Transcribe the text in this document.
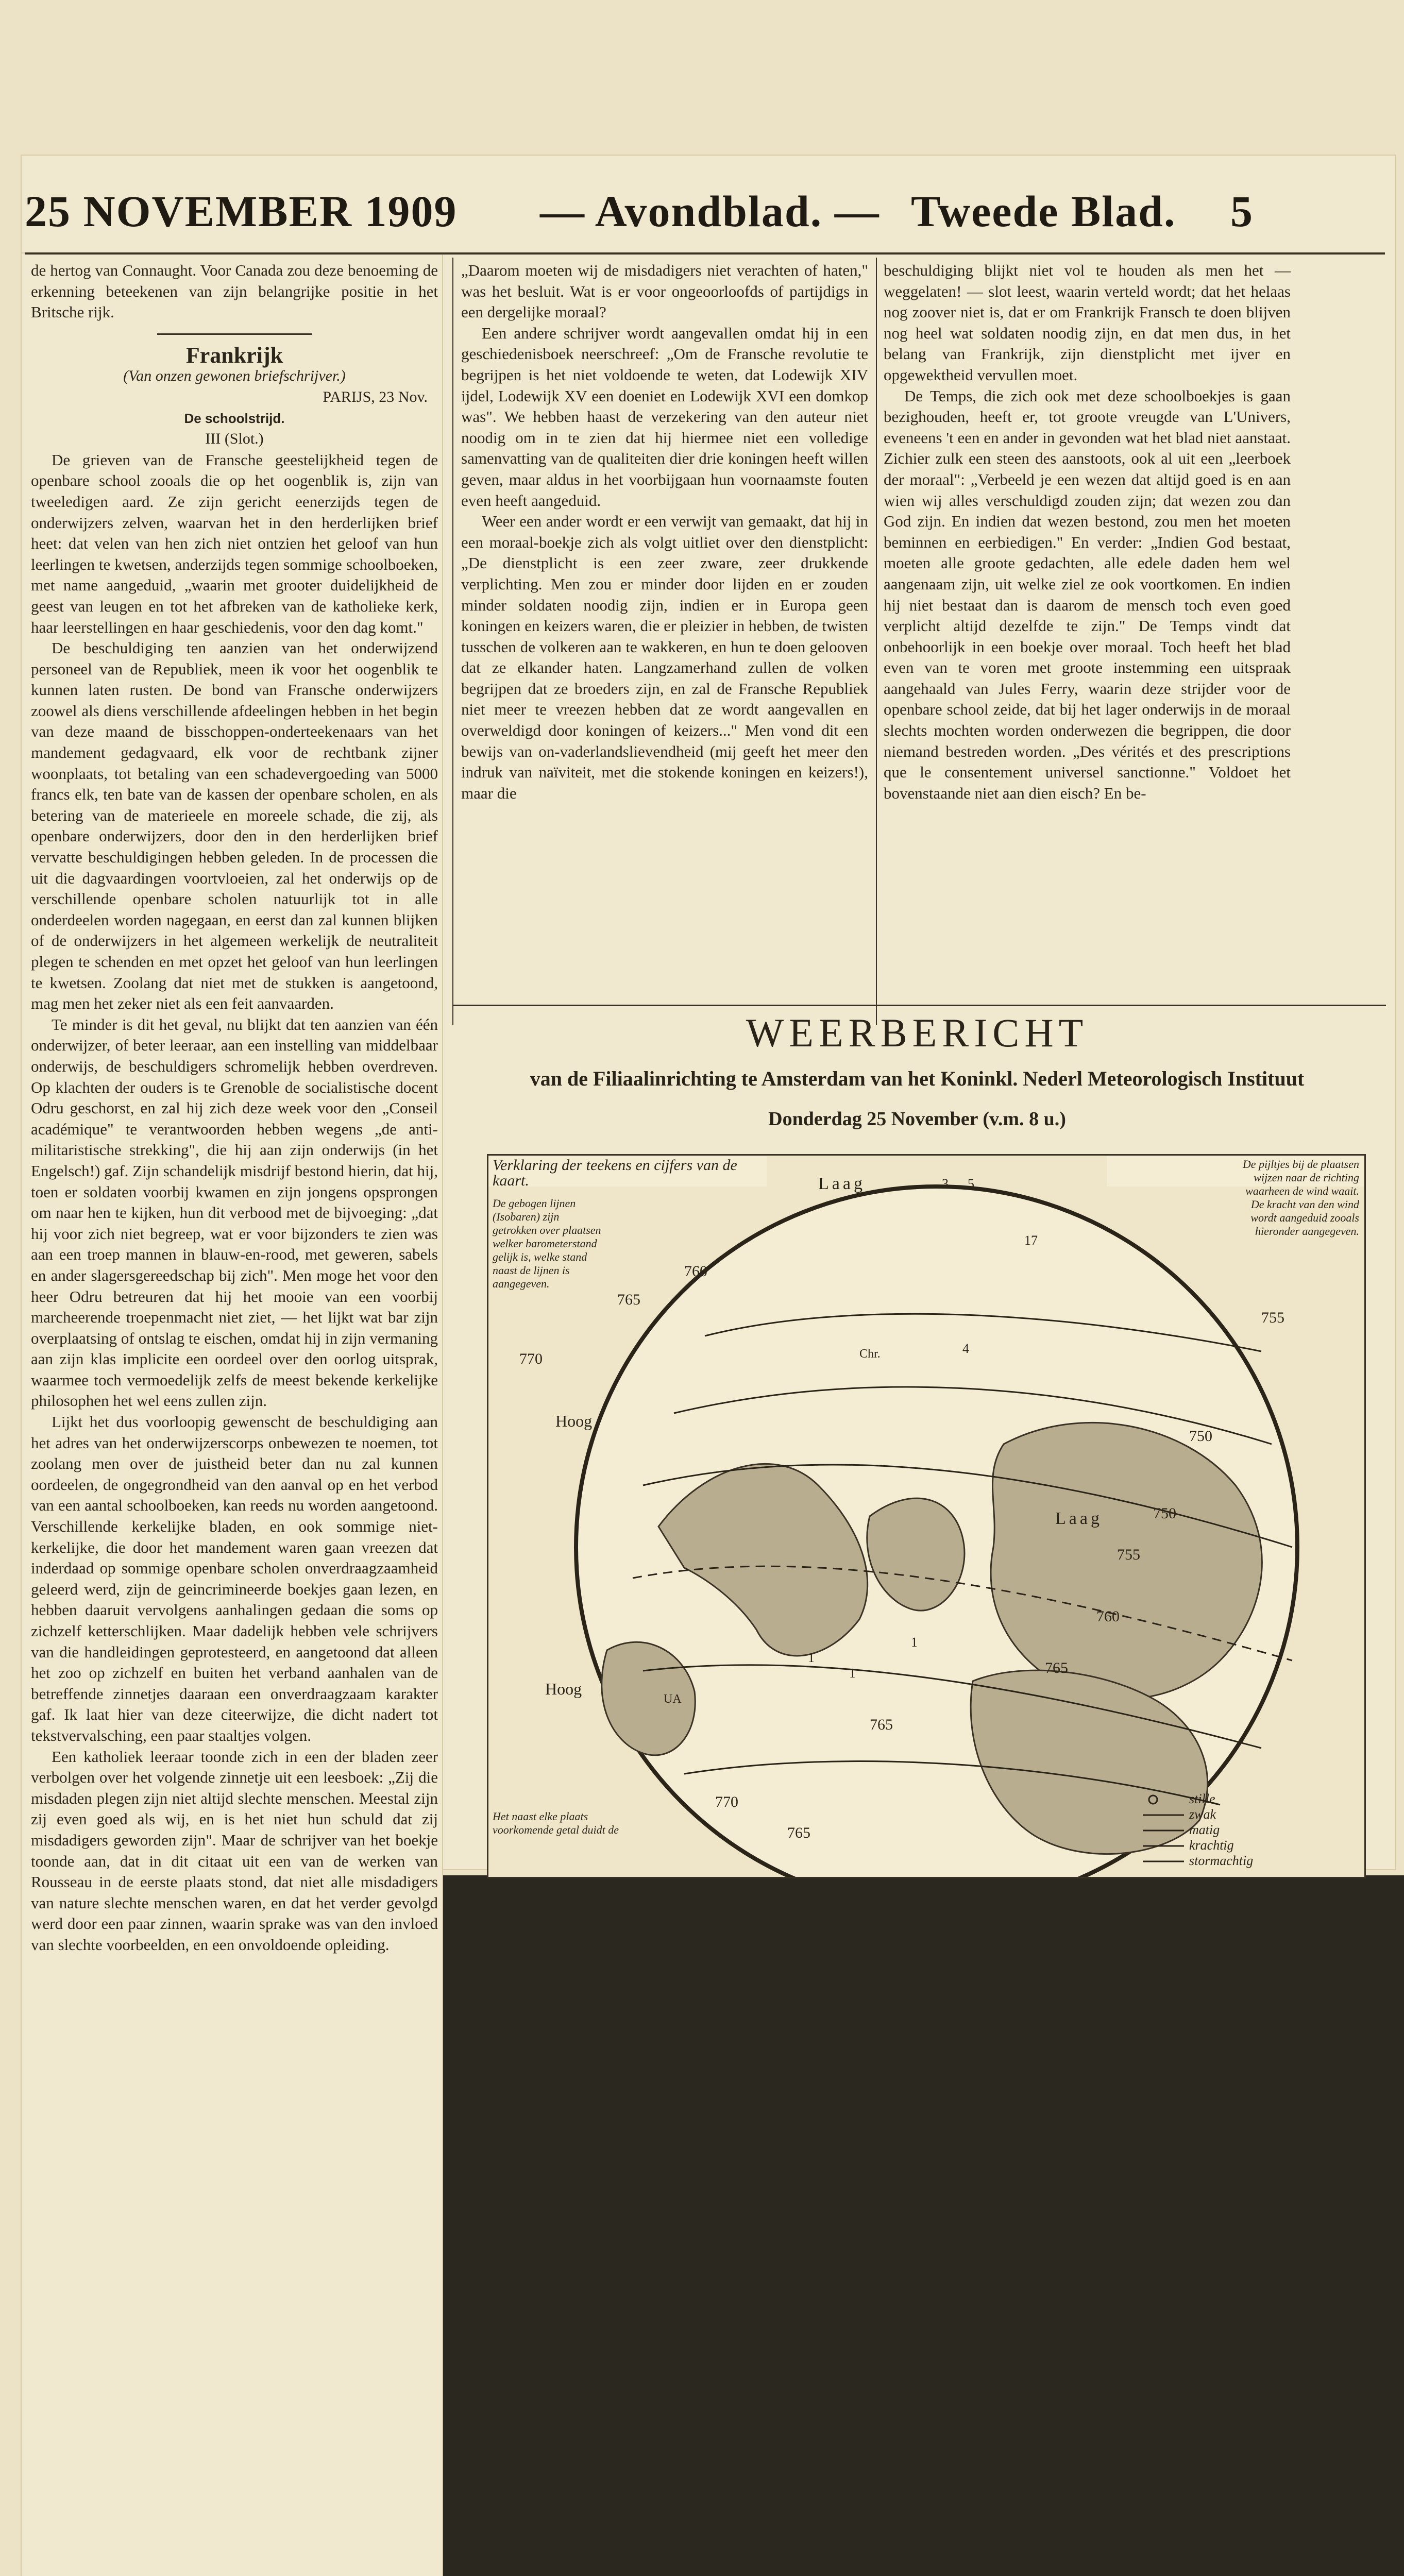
25 NOVEMBER 1909 — Avondblad. — Tweede Blad. 5

de hertog van Connaught. Voor Canada zou deze benoeming de erkenning beteekenen van zijn belangrijke positie in het Britsche rijk.

Frankrijk

(Van onzen gewonen briefschrijver.)

PARIJS, 23 Nov.

De schoolstrijd.

III (Slot.)

De grieven van de Fransche geestelijkheid tegen de openbare school zooals die op het oogenblik is, zijn van tweeledigen aard. Ze zijn gericht eenerzijds tegen de onderwijzers zelven, waarvan het in den herderlijken brief heet: dat velen van hen zich niet ontzien het geloof van hun leerlingen te kwetsen, anderzijds tegen sommige schoolboeken, met name aangeduid, „waarin met grooter duidelijkheid de geest van leugen en tot het afbreken van de katholieke kerk, haar leerstellingen en haar geschiedenis, voor den dag komt."

De beschuldiging ten aanzien van het onderwijzend personeel van de Republiek, meen ik voor het oogenblik te kunnen laten rusten. De bond van Fransche onderwijzers zoowel als diens verschillende afdeelingen hebben in het begin van deze maand de bisschoppen-onderteekenaars van het mandement gedagvaard, elk voor de rechtbank zijner woonplaats, tot betaling van een schadevergoeding van 5000 francs elk, ten bate van de kassen der openbare scholen, en als betering van de materieele en moreele schade, die zij, als openbare onderwijzers, door den in den herderlijken brief vervatte beschuldigingen hebben geleden. In de processen die uit die dagvaardingen voortvloeien, zal het onderwijs op de verschillende openbare scholen natuurlijk tot in alle onderdeelen worden nagegaan, en eerst dan zal kunnen blijken of de onderwijzers in het algemeen werkelijk de neutraliteit plegen te schenden en met opzet het geloof van hun leerlingen te kwetsen. Zoolang dat niet met de stukken is aangetoond, mag men het zeker niet als een feit aanvaarden.

Te minder is dit het geval, nu blijkt dat ten aanzien van één onderwijzer, of beter leeraar, aan een instelling van middelbaar onderwijs, de beschuldigers schromelijk hebben overdreven. Op klachten der ouders is te Grenoble de socialistische docent Odru geschorst, en zal hij zich deze week voor den „Conseil académique" te verantwoorden hebben wegens „de anti-militaristische strekking", die hij aan zijn onderwijs (in het Engelsch!) gaf. Zijn schandelijk misdrijf bestond hierin, dat hij, toen er soldaten voorbij kwamen en zijn jongens opsprongen om naar hen te kijken, hun dit verbood met de bijvoeging: „dat hij voor zich niet begreep, wat er voor bijzonders te zien was aan een troep mannen in blauw-en-rood, met geweren, sabels en ander slagersgereedschap bij zich". Men moge het voor den heer Odru betreuren dat hij het mooie van een voorbij marcheerende troepenmacht niet ziet, — het lijkt wat bar zijn overplaatsing of ontslag te eischen, omdat hij in zijn vermaning aan zijn klas implicite een oordeel over den oorlog uitsprak, waarmee toch vermoedelijk zelfs de meest bekende kerkelijke philosophen het wel eens zullen zijn.

Lijkt het dus voorloopig gewenscht de beschuldiging aan het adres van het onderwijzerscorps onbewezen te noemen, tot zoolang men over de juistheid beter dan nu zal kunnen oordeelen, de ongegrondheid van den aanval op en het verbod van een aantal schoolboeken, kan reeds nu worden aangetoond. Verschillende kerkelijke bladen, en ook sommige niet-kerkelijke, die door het mandement waren gaan vreezen dat inderdaad op sommige openbare scholen onverdraagzaamheid geleerd werd, zijn de geincrimineerde boekjes gaan lezen, en hebben daaruit vervolgens aanhalingen gedaan die soms op zichzelf ketterschlijken. Maar dadelijk hebben vele schrijvers van die handleidingen geprotesteerd, en aangetoond dat alleen het zoo op zichzelf en buiten het verband aanhalen van de betreffende zinnetjes daaraan een onverdraagzaam karakter gaf. Ik laat hier van deze citeerwijze, die dicht nadert tot tekstvervalsching, een paar staaltjes volgen.

Een katholiek leeraar toonde zich in een der bladen zeer verbolgen over het volgende zinnetje uit een leesboek: „Zij die misdaden plegen zijn niet altijd slechte menschen. Meestal zijn zij even goed als wij, en is het niet hun schuld dat zij misdadigers geworden zijn". Maar de schrijver van het boekje toonde aan, dat in dit citaat uit een van de werken van Rousseau in de eerste plaats stond, dat niet alle misdadigers van nature slechte menschen waren, en dat het verder gevolgd werd door een paar zinnen, waarin sprake was van den invloed van slechte voorbeelden, en een onvoldoende opleiding.

„Daarom moeten wij de misdadigers niet verachten of haten," was het besluit. Wat is er voor ongeoorloofds of partijdigs in een dergelijke moraal?

Een andere schrijver wordt aangevallen omdat hij in een geschiedenisboek neerschreef: „Om de Fransche revolutie te begrijpen is het niet voldoende te weten, dat Lodewijk XIV ijdel, Lodewijk XV een doeniet en Lodewijk XVI een domkop was". We hebben haast de verzekering van den auteur niet noodig om in te zien dat hij hiermee niet een volledige samenvatting van de qualiteiten dier drie koningen heeft willen geven, maar aldus in het voorbijgaan hun voornaamste fouten even heeft aangeduid.

Weer een ander wordt er een verwijt van gemaakt, dat hij in een moraal-boekje zich als volgt uitliet over den dienstplicht: „De dienstplicht is een zeer zware, zeer drukkende verplichting. Men zou er minder door lijden en er zouden minder soldaten noodig zijn, indien er in Europa geen koningen en keizers waren, die er pleizier in hebben, de twisten tusschen de volkeren aan te wakkeren, en hun te doen gelooven dat ze elkander haten. Langzamerhand zullen de volken begrijpen dat ze broeders zijn, en zal de Fransche Republiek niet meer te vreezen hebben dat ze wordt aangevallen en overweldigd door koningen of keizers..." Men vond dit een bewijs van on-vaderlandslievendheid (mij geeft het meer den indruk van naïviteit, met die stokende koningen en keizers!), maar die

beschuldiging blijkt niet vol te houden als men het — weggelaten! — slot leest, waarin verteld wordt; dat het helaas nog zoover niet is, dat er om Frankrijk Fransch te doen blijven nog heel wat soldaten noodig zijn, en dat men dus, in het belang van Frankrijk, zijn dienstplicht met ijver en opgewektheid vervullen moet.

De Temps, die zich ook met deze schoolboekjes is gaan bezighouden, heeft er, tot groote vreugde van L'Univers, eveneens 't een en ander in gevonden wat het blad niet aanstaat. Zichier zulk een steen des aanstoots, ook al uit een „leerboek der moraal": „Verbeeld je een wezen dat altijd goed is en aan wien wij alles verschuldigd zouden zijn; dat wezen zou dan God zijn. En indien dat wezen bestond, zou men het moeten beminnen en eerbiedigen." En verder: „Indien God bestaat, moeten alle groote gedachten, alle edele daden hem wel aangenaam zijn, uit welke ziel ze ook voortkomen. En indien hij niet bestaat dan is daarom de mensch toch even goed verplicht altijd dezelfde te zijn." De Temps vindt dat onbehoorlijk in een boekje over moraal. Toch heeft het blad even van te voren met groote instemming een uitspraak aangehaald van Jules Ferry, waarin deze strijder voor de openbare school zeide, dat bij het lager onderwijs in de moraal slechts mochten worden onderwezen die begrippen, die door niemand bestreden worden. „Des vérités et des prescriptions que le consentement universel sanctionne." Voldoet het bovenstaande niet aan dien eisch? En be-

WEERBERICHT
van de Filiaalinrichting te Amsterdam van het Koninkl. Nederl Meteorologisch Instituut
Donderdag 25 November (v.m. 8 u.)
Verklaring der teekens en cijfers van de kaart.
De gebogen lijnen (Isobaren) zijn getrokken over plaatsen welker barometerstand gelijk is, welke stand naast de lijnen is aangegeven.
De pijltjes bij de plaatsen wijzen naar de richting waarheen de wind waait. De kracht van den wind wordt aangeduid zooals hieronder aangegeven.
Het naast elke plaats voorkomende getal duidt de
stille
zwak
matig
krachtig
stormachtig
Laag
Laag
Hoog
Hoog
760
765
770
755
750
750
755
760
765
765
770
765
3 5
17
4
1
1
1
Chr.
UA
